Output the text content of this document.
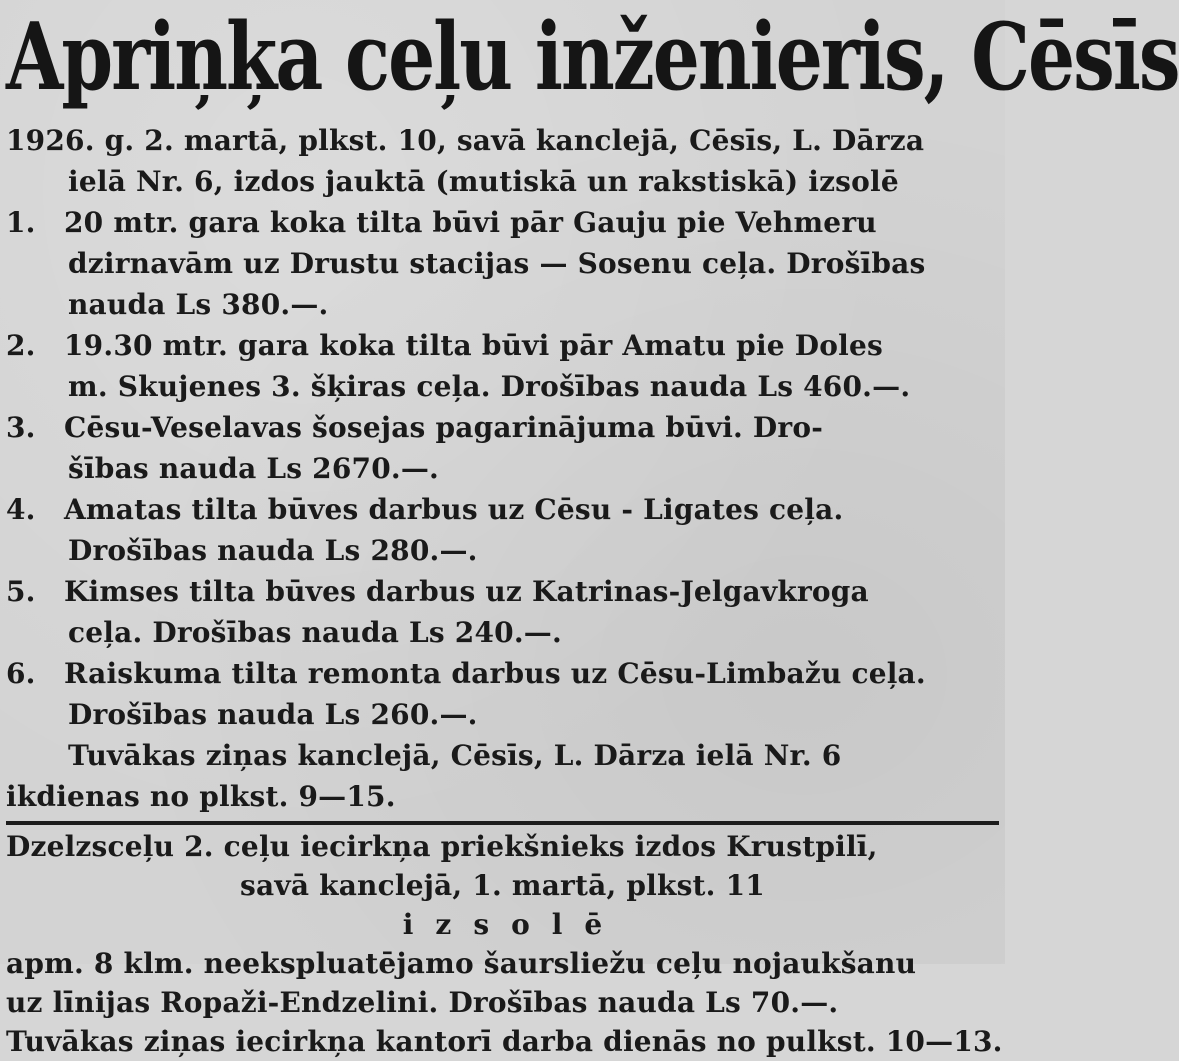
Apriņķa ceļu inženieris, Cēsīs
1926. g. 2. martā, plkst. 10, savā kanclejā, Cēsīs, L. Dārza
ielā Nr. 6, izdos jauktā (mutiskā un rakstiskā) izsolē
1.	20 mtr. gara koka tilta būvi pār Gauju pie Vehmeru
dzirnavām uz Drustu stacijas — Sosenu ceļa. Drošības
nauda Ls 380.—.
2.	19.30 mtr. gara koka tilta būvi pār Amatu pie Doles
m. Skujenes 3. šķiras ceļa. Drošības nauda Ls 460.—.
3.	Cēsu-Veselavas šosejas pagarinājuma būvi. Dro-
šības nauda Ls 2670.—.
4.	Amatas tilta būves darbus uz Cēsu - Ligates ceļa.
Drošības nauda Ls 280.—.
5.	Kimses tilta būves darbus uz Katrinas-Jelgavkroga
ceļa. Drošības nauda Ls 240.—.
6.	Raiskuma tilta remonta darbus uz Cēsu-Limbažu ceļa.
Drošības nauda Ls 260.—.
Tuvākas ziņas kanclejā, Cēsīs, L. Dārza ielā Nr. 6
ikdienas no plkst. 9—15.
Dzelzsceļu 2. ceļu iecirkņa priekšnieks izdos Krustpilī,
savā kanclejā, 1. martā, plkst. 11
izsolē
apm. 8 klm. neekspluatējamo šaursliežu ceļu nojaukšanu
uz līnijas Ropaži-Endzelini. Drošības nauda Ls 70.—.
Tuvākas ziņas iecirkņa kantorī darba dienās no pulkst. 10—13.
